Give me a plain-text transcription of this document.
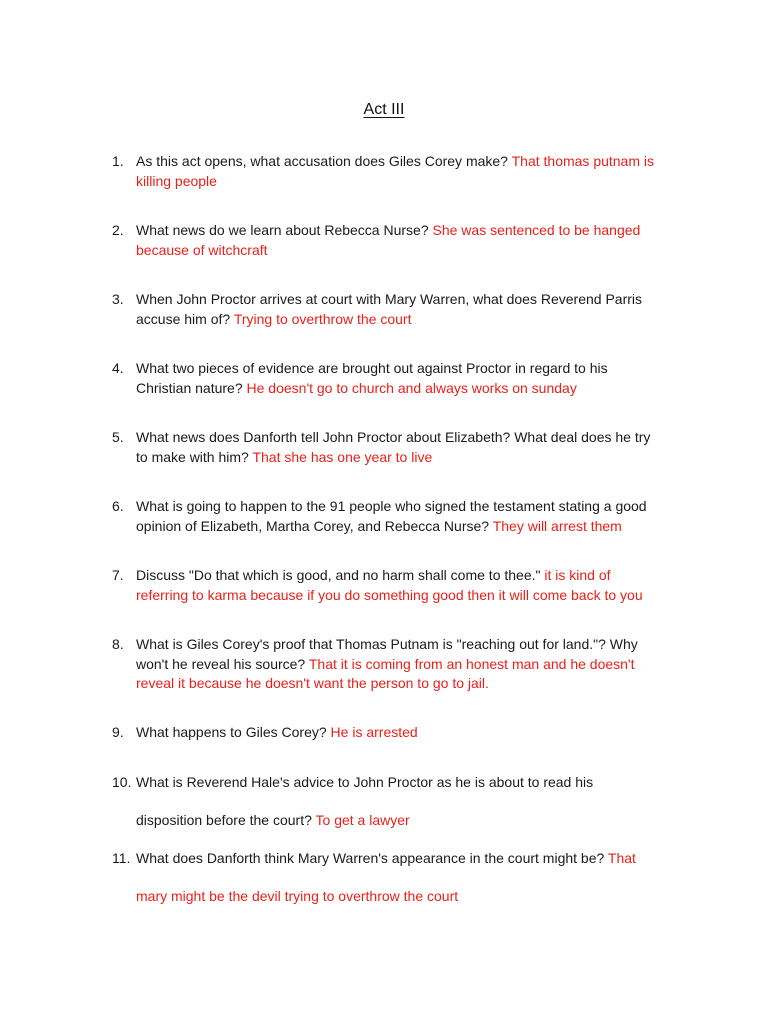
Act III
1. As this act opens, what accusation does Giles Corey make? That thomas putnam is killing people
2. What news do we learn about Rebecca Nurse? She was sentenced to be hanged because of witchcraft
3. When John Proctor arrives at court with Mary Warren, what does Reverend Parris accuse him of? Trying to overthrow the court
4. What two pieces of evidence are brought out against Proctor in regard to his Christian nature? He doesn't go to church and always works on sunday
5. What news does Danforth tell John Proctor about Elizabeth? What deal does he try to make with him? That she has one year to live
6. What is going to happen to the 91 people who signed the testament stating a good opinion of Elizabeth, Martha Corey, and Rebecca Nurse? They will arrest them
7. Discuss "Do that which is good, and no harm shall come to thee." it is kind of referring to karma because if you do something good then it will come back to you
8. What is Giles Corey's proof that Thomas Putnam is "reaching out for land."? Why won't he reveal his source? That it is coming from an honest man and he doesn't reveal it because he doesn't want the person to go to jail.
9. What happens to Giles Corey? He is arrested
10. What is Reverend Hale's advice to John Proctor as he is about to read his disposition before the court? To get a lawyer
11. What does Danforth think Mary Warren's appearance in the court might be? That mary might be the devil trying to overthrow the court
